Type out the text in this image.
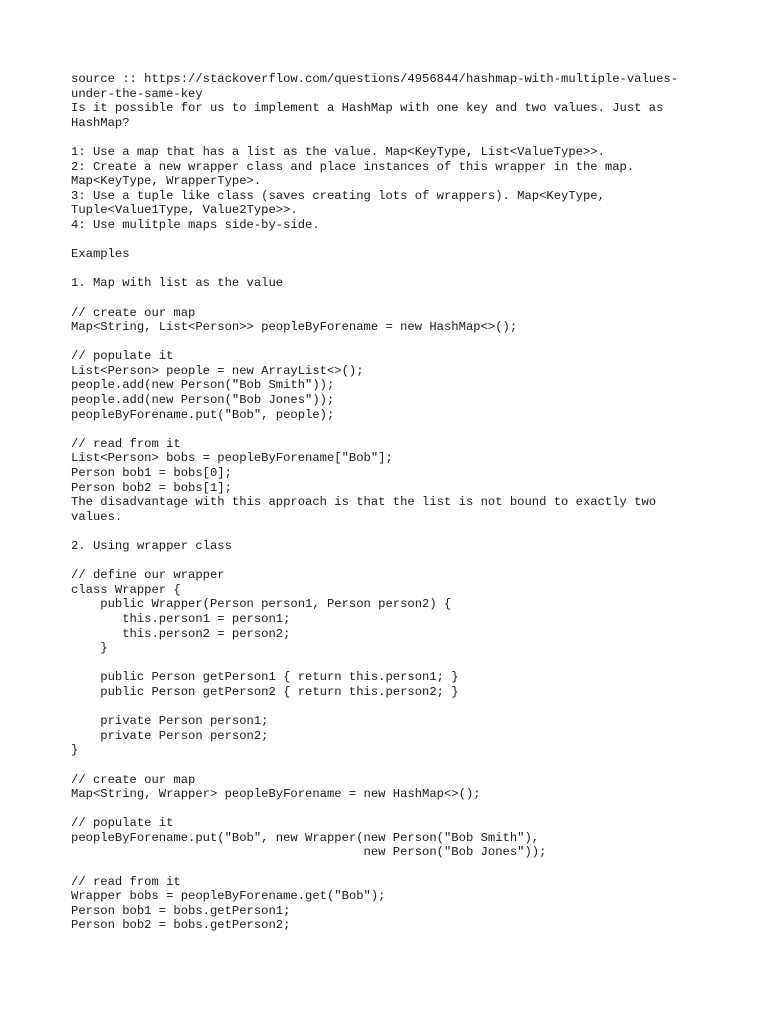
source :: https://stackoverflow.com/questions/4956844/hashmap-with-multiple-values-
under-the-same-key
Is it possible for us to implement a HashMap with one key and two values. Just as
HashMap?
1: Use a map that has a list as the value. Map<KeyType, List<ValueType>>.
2: Create a new wrapper class and place instances of this wrapper in the map.
Map<KeyType, WrapperType>.
3: Use a tuple like class (saves creating lots of wrappers). Map<KeyType,
Tuple<Value1Type, Value2Type>>.
4: Use mulitple maps side-by-side.
Examples
1. Map with list as the value
// create our map
Map<String, List<Person>> peopleByForename = new HashMap<>();
// populate it
List<Person> people = new ArrayList<>();
people.add(new Person("Bob Smith"));
people.add(new Person("Bob Jones"));
peopleByForename.put("Bob", people);
// read from it
List<Person> bobs = peopleByForename["Bob"];
Person bob1 = bobs[0];
Person bob2 = bobs[1];
The disadvantage with this approach is that the list is not bound to exactly two
values.
2. Using wrapper class
// define our wrapper
class Wrapper {
public Wrapper(Person person1, Person person2) {
this.person1 = person1;
this.person2 = person2;
}
public Person getPerson1 { return this.person1; }
public Person getPerson2 { return this.person2; }
private Person person1;
private Person person2;
}
// create our map
Map<String, Wrapper> peopleByForename = new HashMap<>();
// populate it
peopleByForename.put("Bob", new Wrapper(new Person("Bob Smith"),
new Person("Bob Jones"));
// read from it
Wrapper bobs = peopleByForename.get("Bob");
Person bob1 = bobs.getPerson1;
Person bob2 = bobs.getPerson2;
